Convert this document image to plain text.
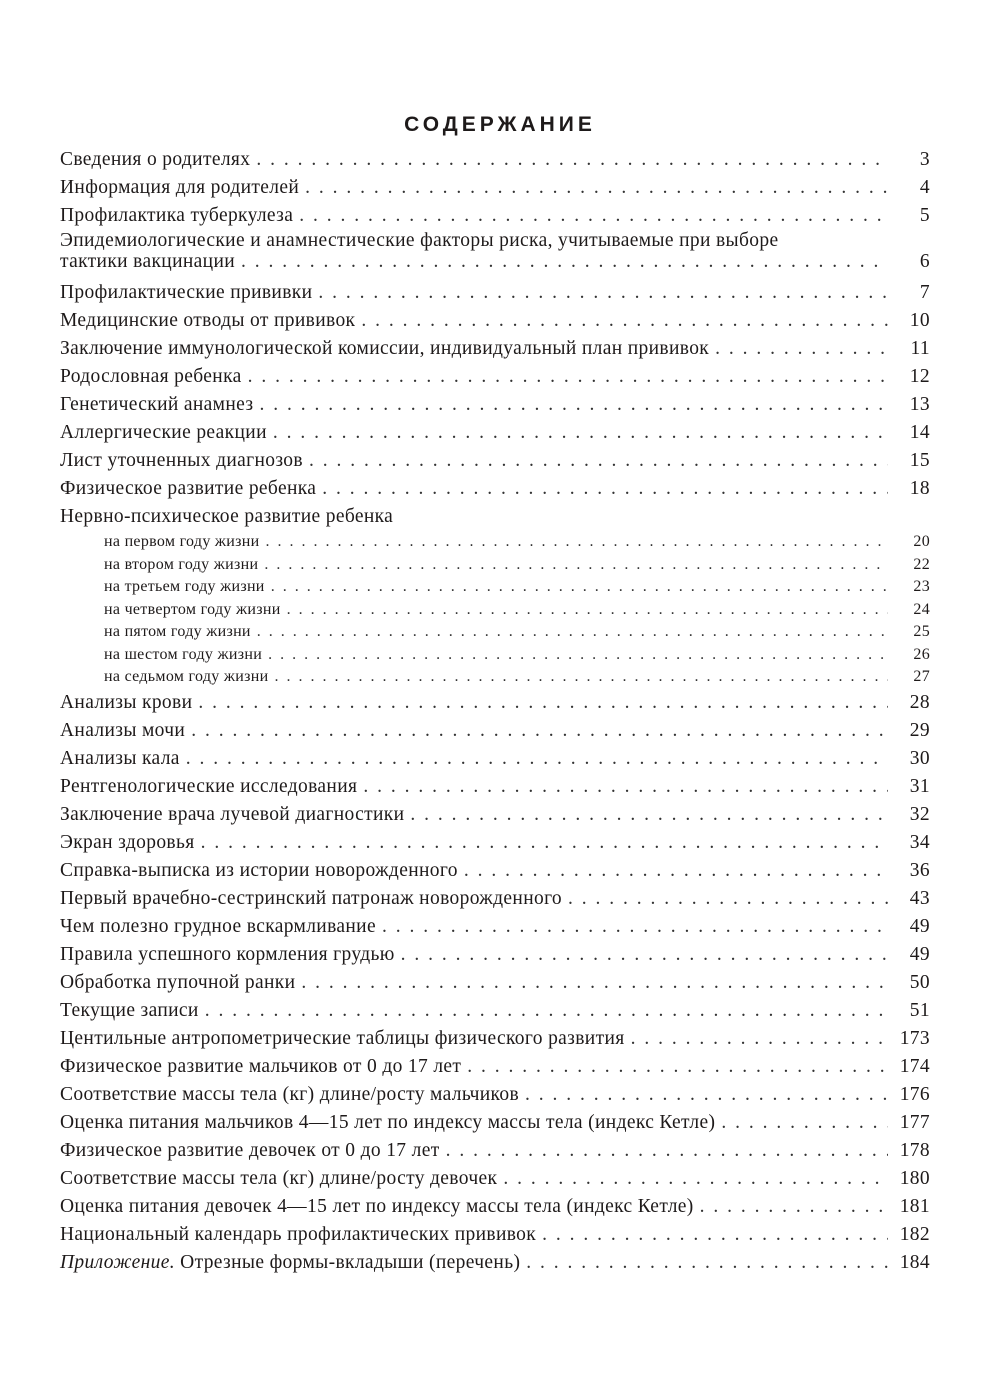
СОДЕРЖАНИЕ
Сведения о родителях . . .	3
Информация для родителей . . .	4
Профилактика туберкулеза . . .	5
Эпидемиологические и анамнестические факторы риска, учитываемые при выборе
тактики вакцинации . . .	6
Профилактические прививки . . .	7
Медицинские отводы от прививок . . .	10
Заключение иммунологической комиссии, индивидуальный план прививок . . .	11
Родословная ребенка . . .	12
Генетический анамнез . . .	13
Аллергические реакции . . .	14
Лист уточненных диагнозов . . .	15
Физическое развитие ребенка . . .	18
Нервно-психическое развитие ребенка
на первом году жизни . . .	20
на втором году жизни . . .	22
на третьем году жизни . . .	23
на четвертом году жизни . . .	24
на пятом году жизни . . .	25
на шестом году жизни . . .	26
на седьмом году жизни . . .	27
Анализы крови . . .	28
Анализы мочи . . .	29
Анализы кала . . .	30
Рентгенологические исследования . . .	31
Заключение врача лучевой диагностики . . .	32
Экран здоровья . . .	34
Справка-выписка из истории новорожденного . . .	36
Первый врачебно-сестринский патронаж новорожденного . . .	43
Чем полезно грудное вскармливание . . .	49
Правила успешного кормления грудью . . .	49
Обработка пупочной ранки . . .	50
Текущие записи . . .	51
Центильные антропометрические таблицы физического развития . . .	173
Физическое развитие мальчиков от 0 до 17 лет . . .	174
Соответствие массы тела (кг) длине/росту мальчиков . . .	176
Оценка питания мальчиков 4—15 лет по индексу массы тела (индекс Кетле) . . .	177
Физическое развитие девочек от 0 до 17 лет . . .	178
Соответствие массы тела (кг) длине/росту девочек . . .	180
Оценка питания девочек 4—15 лет по индексу массы тела (индекс Кетле) . . .	181
Национальный календарь профилактических прививок . . .	182
Приложение. Отрезные формы-вкладыши (перечень) . . .	184
